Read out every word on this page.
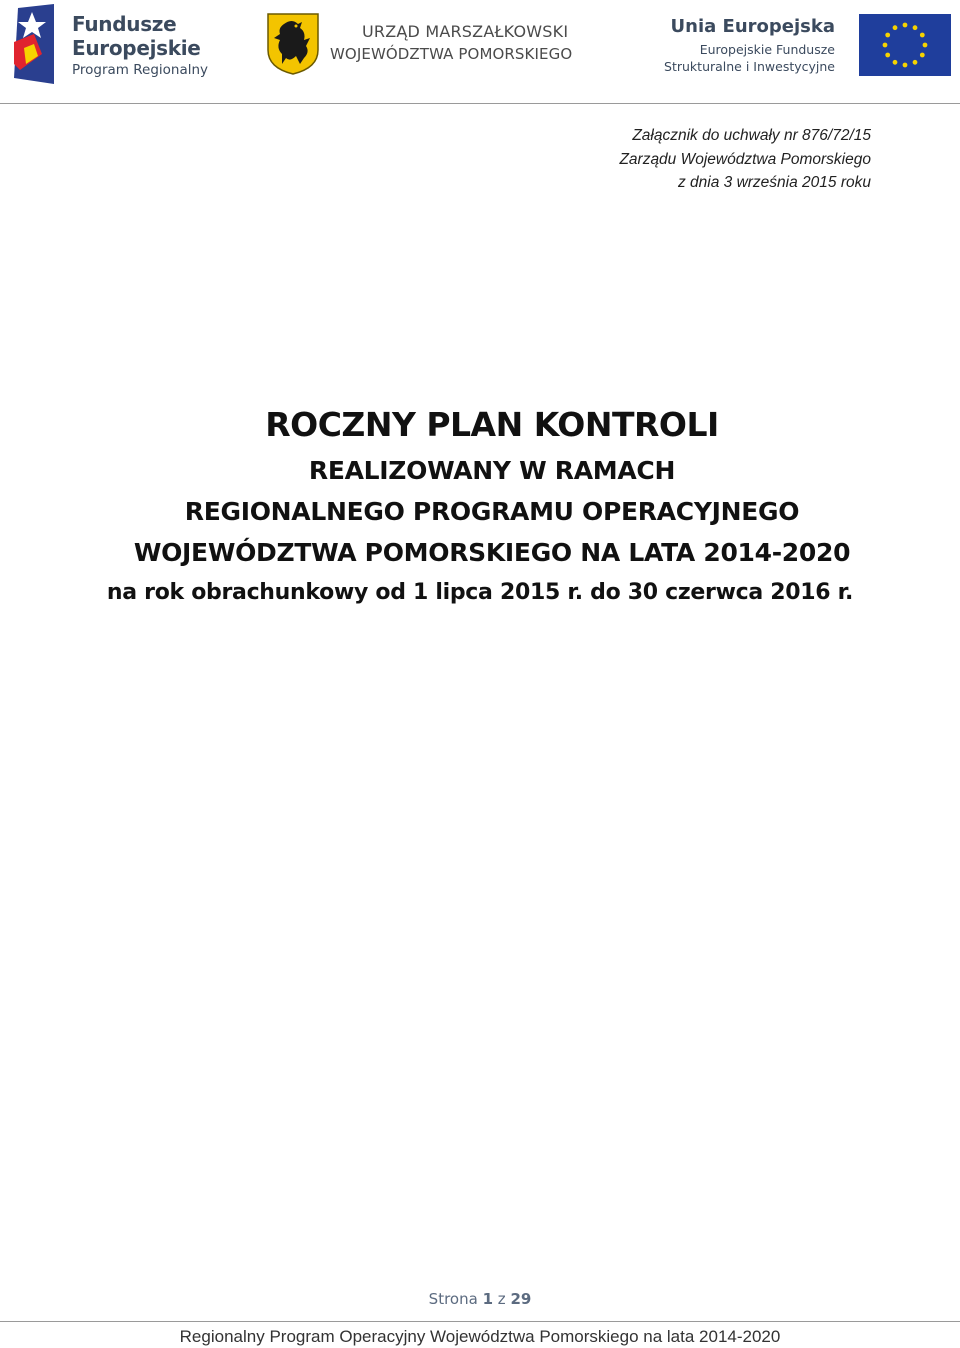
Fundusze
Europejskie
Program Regionalny
URZĄD MARSZAŁKOWSKI
WOJEWÓDZTWA POMORSKIEGO
Unia Europejska
Europejskie Fundusze
Strukturalne i Inwestycyjne
Załącznik do uchwały nr 876/72/15
Zarządu Województwa Pomorskiego
z dnia 3 września 2015 roku
ROCZNY PLAN KONTROLI
REALIZOWANY W RAMACH
REGIONALNEGO PROGRAMU OPERACYJNEGO
WOJEWÓDZTWA POMORSKIEGO NA LATA 2014-2020
na rok obrachunkowy od 1 lipca 2015 r. do 30 czerwca 2016 r.
Strona 1 z 29
Regionalny Program Operacyjny Województwa Pomorskiego na lata 2014-2020
